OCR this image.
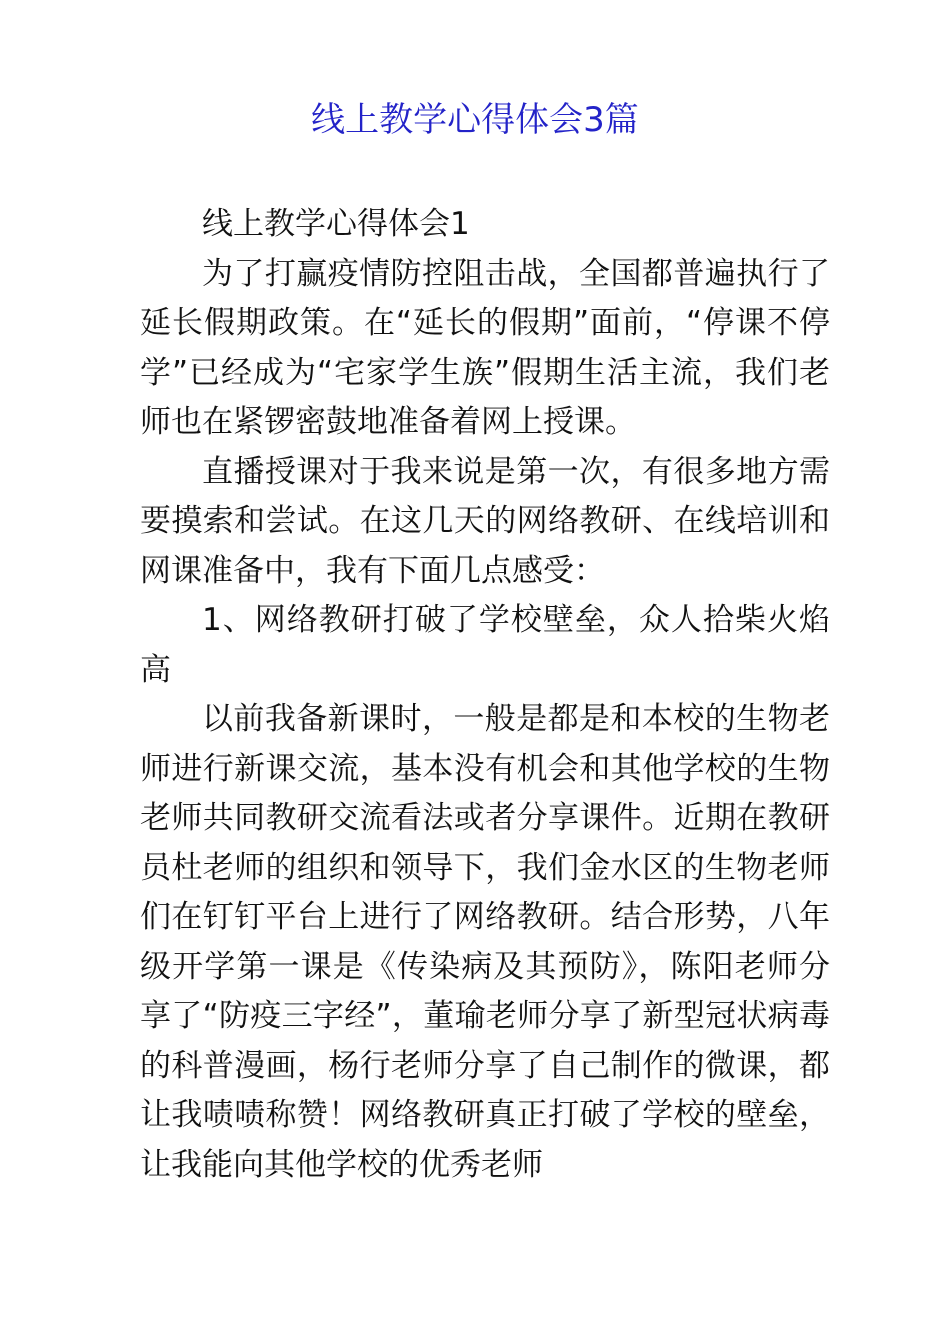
线上教学心得体会3篇

线上教学心得体会1

为了打赢疫情防控阻击战，全国都普遍执行了延长假期政策。在“延长的假期”面前，“停课不停学”已经成为“宅家学生族”假期生活主流，我们老师也在紧锣密鼓地准备着网上授课。

直播授课对于我来说是第一次，有很多地方需要摸索和尝试。在这几天的网络教研、在线培训和网课准备中，我有下面几点感受：

1、网络教研打破了学校壁垒，众人拾柴火焰高

以前我备新课时，一般是都是和本校的生物老师进行新课交流，基本没有机会和其他学校的生物老师共同教研交流看法或者分享课件。近期在教研员杜老师的组织和领导下，我们金水区的生物老师们在钉钉平台上进行了网络教研。结合形势，八年级开学第一课是《传染病及其预防》，陈阳老师分享了“防疫三字经”，董瑜老师分享了新型冠状病毒的科普漫画，杨行老师分享了自己制作的微课，都让我啧啧称赞！网络教研真正打破了学校的壁垒，让我能向其他学校的优秀老师
